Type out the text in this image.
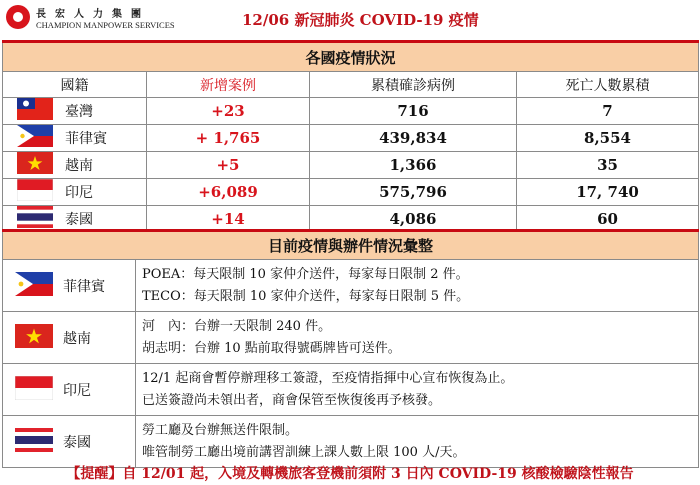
長宏人力集團
CHAMPION MANPOWER SERVICES	12/06 新冠肺炎 COVID-19 疫情
各國疫情狀況			
國籍	新增案例	累積確診病例	死亡人數累積
臺灣	+23	716	7
菲律賓	+ 1,765	439,834	8,554
越南	+5	1,366	35
印尼	+6,089	575,796	17, 740
泰國	+14	4,086	60
目前疫情與辦件情況彙整	
菲律賓	POEA：每天限制 10 家仲介送件，每家每日限制 2 件。
TECO：每天限制 10 家仲介送件，每家每日限制 5 件。

越南	河　內：台辦一天限制 240 件。
胡志明：台辦 10 點前取得號碼牌皆可送件。

印尼	12/1 起商會暫停辦理移工簽證，至疫情指揮中心宣布恢復為止。
已送簽證尚未領出者，商會保管至恢復後再予核發。

泰國	勞工廳及台辦無送件限制。
唯管制勞工廳出境前講習訓練上課人數上限 100 人/天。
【提醒】自 12/01 起，入境及轉機旅客登機前須附 3 日內 COVID-19 核酸檢驗陰性報告
